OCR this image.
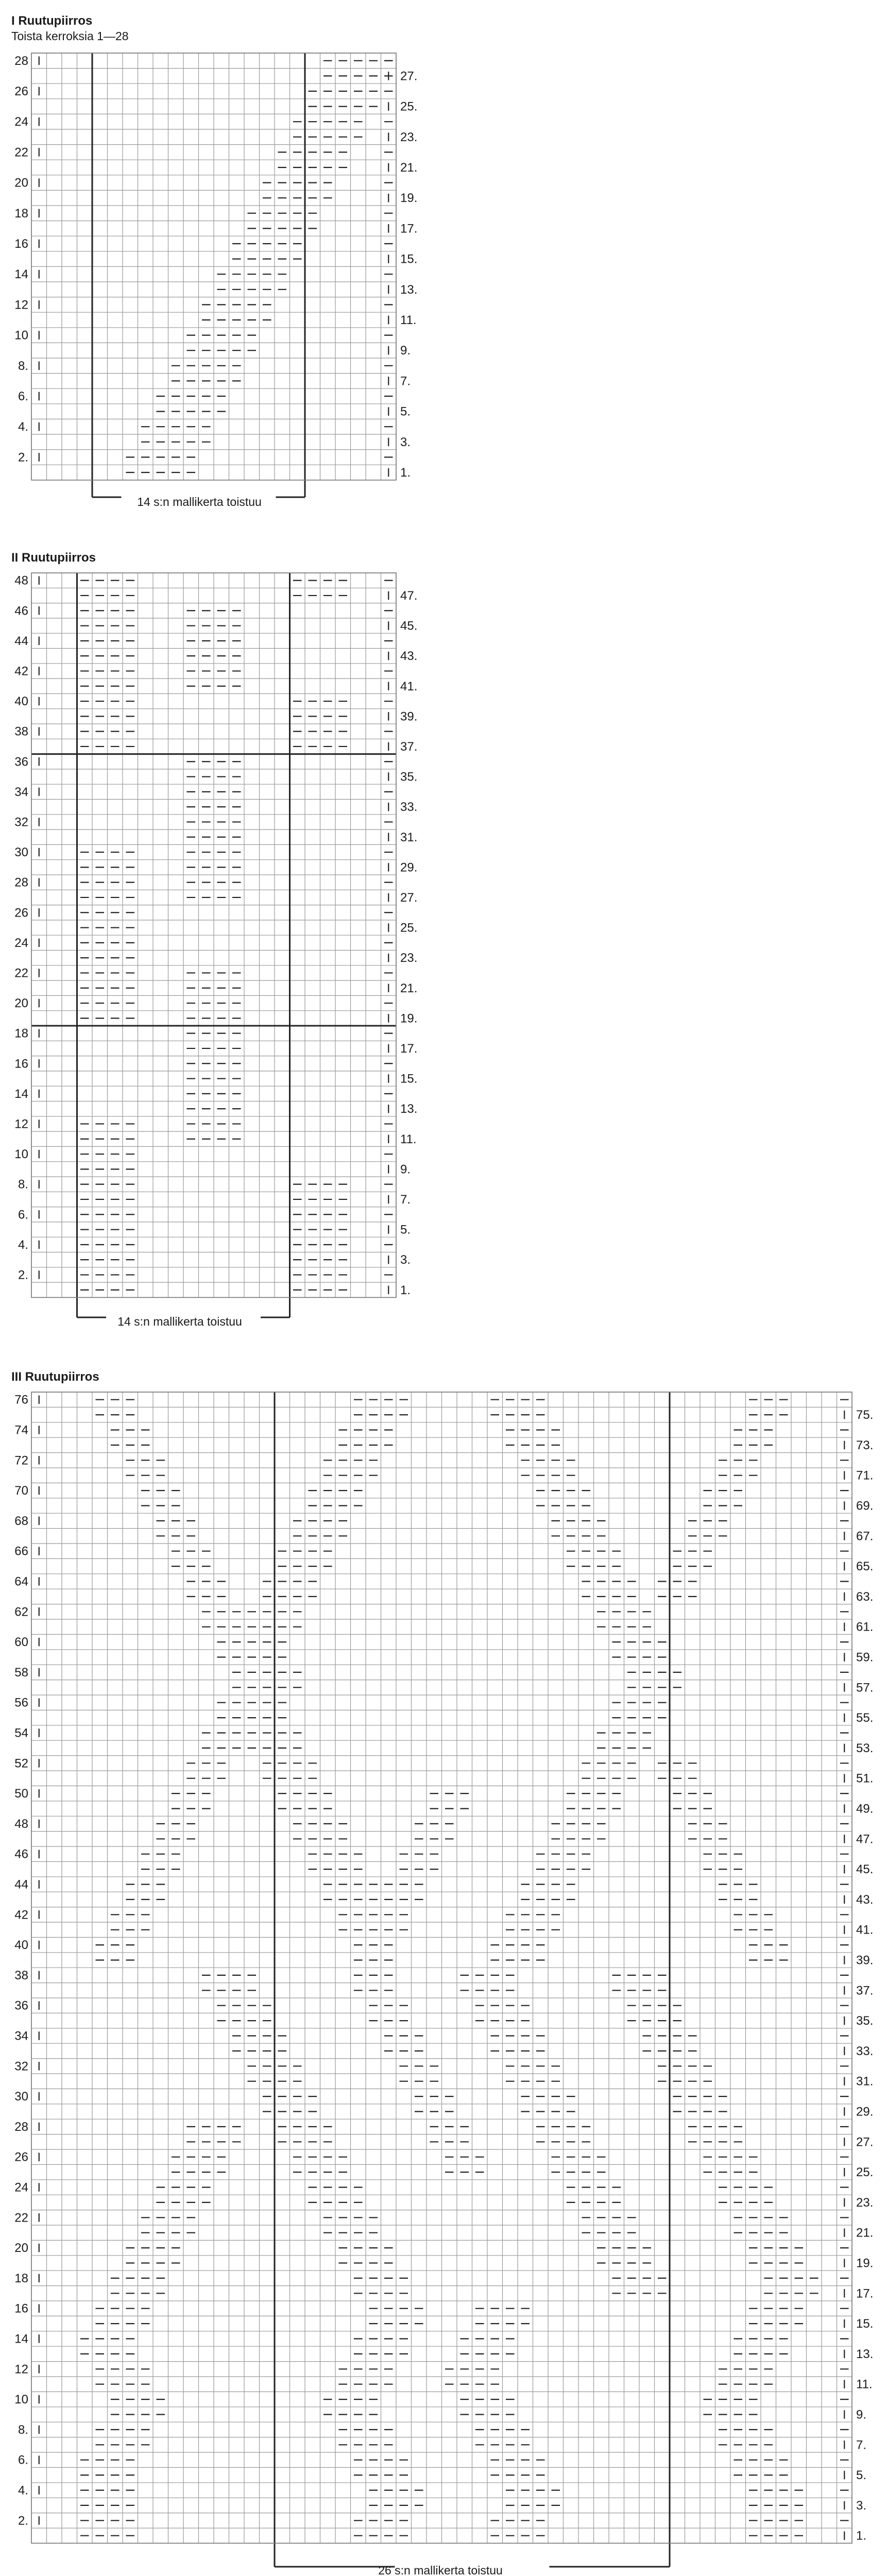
I Ruutupiirros
Toista kerroksia 1—28
28
27.
26
25.
24
23.
22
21.
20
19.
18
17.
16
15.
14
13.
12
11.
10
9.
8.
7.
6.
5.
4.
3.
2.
1.
14 s:n mallikerta toistuu
II Ruutupiirros
48
47.
46
45.
44
43.
42
41.
40
39.
38
37.
36
35.
34
33.
32
31.
30
29.
28
27.
26
25.
24
23.
22
21.
20
19.
18
17.
16
15.
14
13.
12
11.
10
9.
8.
7.
6.
5.
4.
3.
2.
1.
14 s:n mallikerta toistuu
III Ruutupiirros
76
75.
74
73.
72
71.
70
69.
68
67.
66
65.
64
63.
62
61.
60
59.
58
57.
56
55.
54
53.
52
51.
50
49.
48
47.
46
45.
44
43.
42
41.
40
39.
38
37.
36
35.
34
33.
32
31.
30
29.
28
27.
26
25.
24
23.
22
21.
20
19.
18
17.
16
15.
14
13.
12
11.
10
9.
8.
7.
6.
5.
4.
3.
2.
1.
26 s:n mallikerta toistuu
